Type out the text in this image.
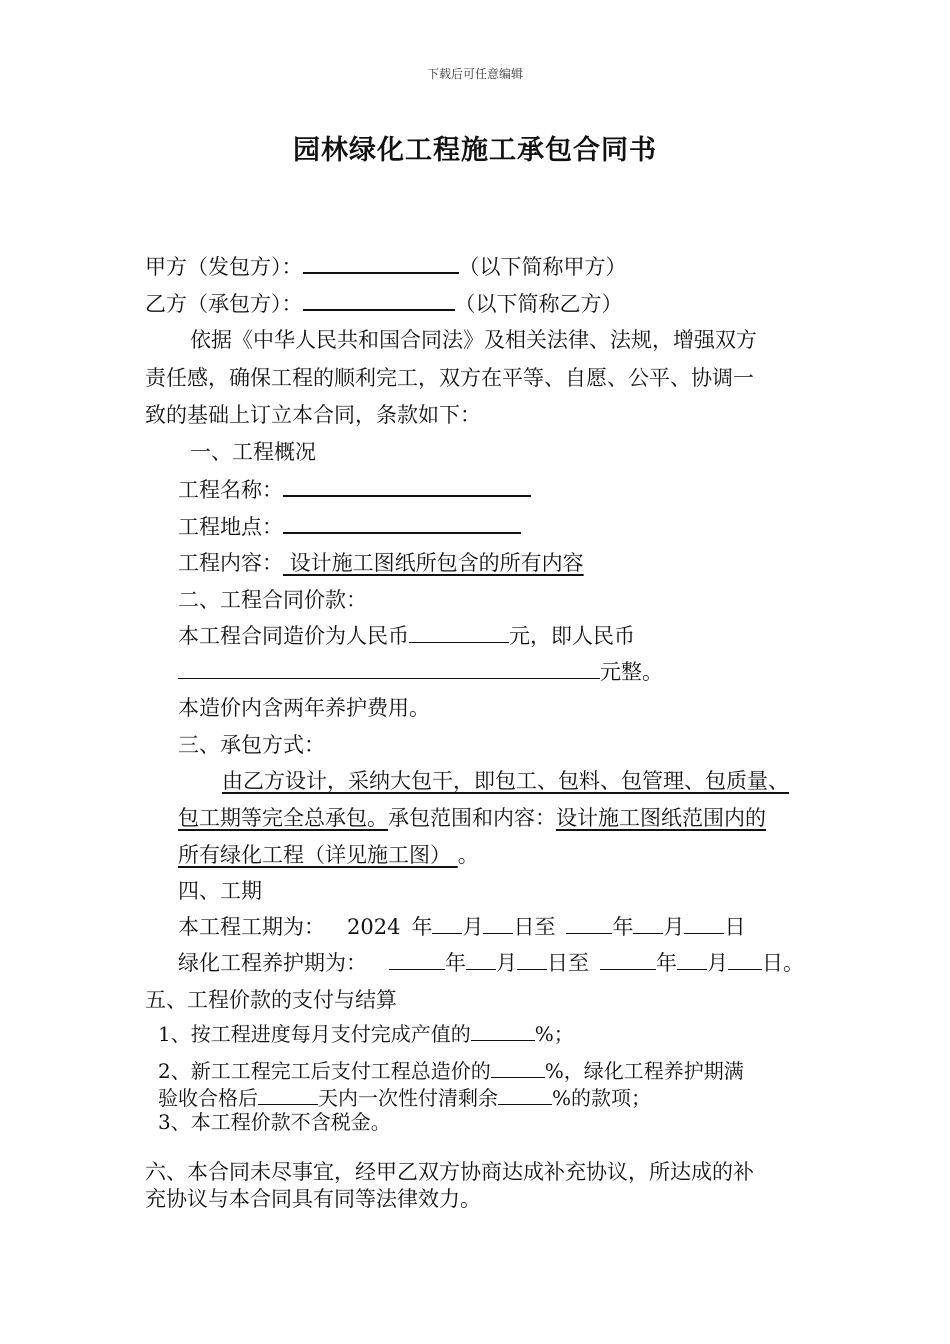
下载后可任意编辑
园林绿化工程施工承包合同书
甲方（发包方）：	（以下简称甲方）
乙方（承包方）：	（以下简称乙方）
依据《中华人民共和国合同法》及相关法律、法规，增强双方
责任感，确保工程的顺利完工，双方在平等、自愿、公平、协调一
致的基础上订立本合同，条款如下：
一、工程概况
工程名称：
工程地点：
工程内容： 设计施工图纸所包含的所有内容
二、工程合同价款：
本工程合同造价为人民币	元，即人民币
元整。
本造价内含两年养护费用。
三、承包方式：
由乙方设计，采纳大包干，即包工、包料、包管理、包质量、
包工期等完全总承包。承包范围和内容：设计施工图纸范围内的
所有绿化工程（详见施工图） 。
四、工期
本工程工期为： 2024 年 月 日至	年 月 日
绿化工程养护期为：	年 月 日至	年 月 日。
五、工程价款的支付与结算
1、按工程进度每月支付完成产值的	%；
2、新工工程完工后支付工程总造价的	%，绿化工程养护期满
验收合格后	天内一次性付清剩余	%的款项；
3、本工程价款不含税金。
六、本合同未尽事宜，经甲乙双方协商达成补充协议，所达成的补
充协议与本合同具有同等法律效力。
